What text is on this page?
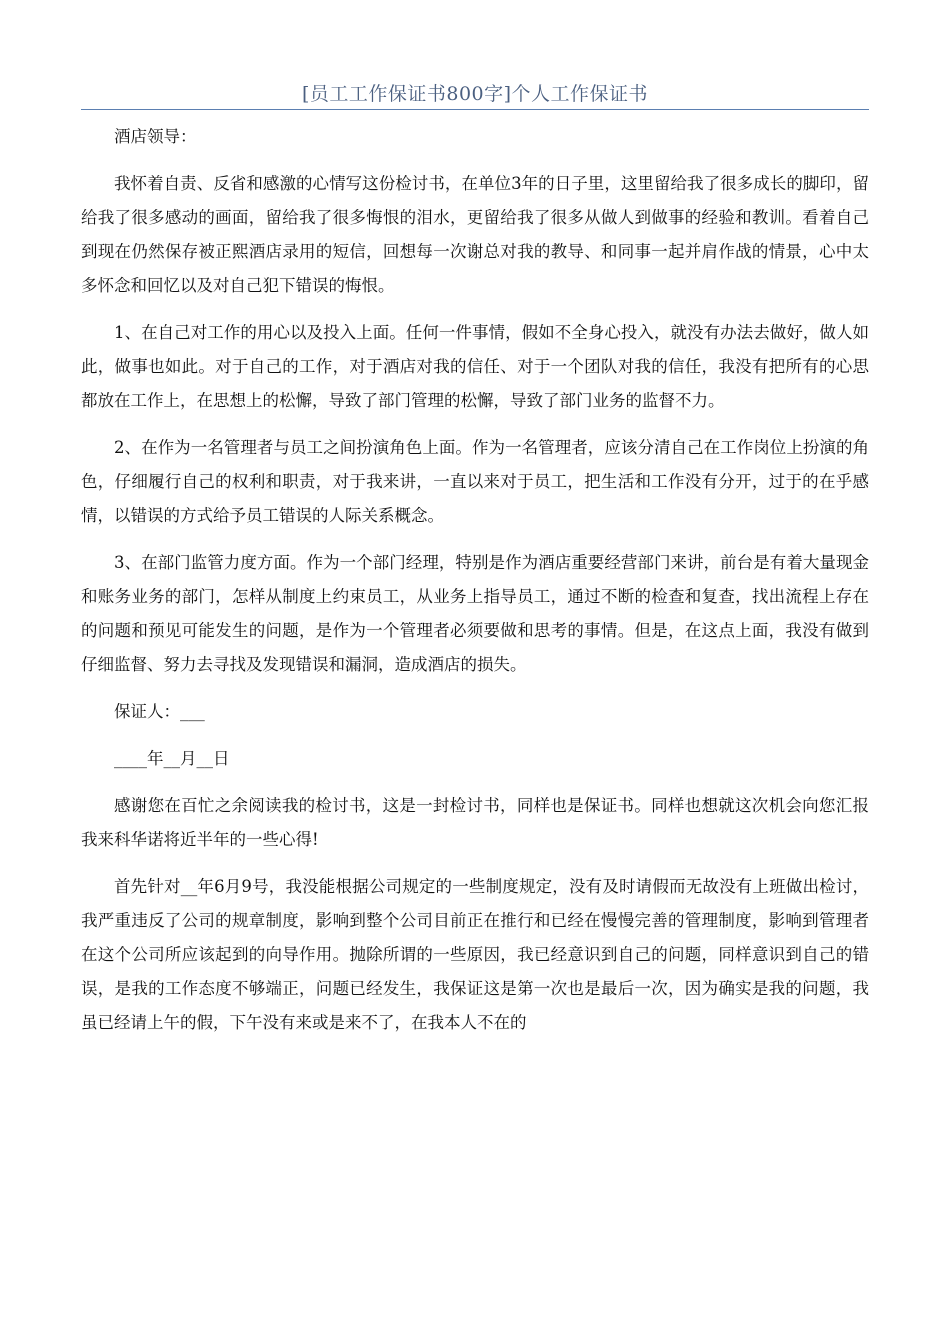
[员工工作保证书800字]个人工作保证书

酒店领导：

我怀着自责、反省和感激的心情写这份检讨书，在单位3年的日子里，这里留给我了很多成长的脚印，留给我了很多感动的画面，留给我了很多悔恨的泪水，更留给我了很多从做人到做事的经验和教训。看着自己到现在仍然保存被正熙酒店录用的短信，回想每一次谢总对我的教导、和同事一起并肩作战的情景，心中太多怀念和回忆以及对自己犯下错误的悔恨。

1、在自己对工作的用心以及投入上面。任何一件事情，假如不全身心投入，就没有办法去做好，做人如此，做事也如此。对于自己的工作，对于酒店对我的信任、对于一个团队对我的信任，我没有把所有的心思都放在工作上，在思想上的松懈，导致了部门管理的松懈，导致了部门业务的监督不力。

2、在作为一名管理者与员工之间扮演角色上面。作为一名管理者，应该分清自己在工作岗位上扮演的角色，仔细履行自己的权利和职责，对于我来讲，一直以来对于员工，把生活和工作没有分开，过于的在乎感情，以错误的方式给予员工错误的人际关系概念。

3、在部门监管力度方面。作为一个部门经理，特别是作为酒店重要经营部门来讲，前台是有着大量现金和账务业务的部门，怎样从制度上约束员工，从业务上指导员工，通过不断的检查和复查，找出流程上存在的问题和预见可能发生的问题，是作为一个管理者必须要做和思考的事情。但是，在这点上面，我没有做到仔细监督、努力去寻找及发现错误和漏洞，造成酒店的损失。

保证人：___

____年__月__日

感谢您在百忙之余阅读我的检讨书，这是一封检讨书，同样也是保证书。同样也想就这次机会向您汇报我来科华诺将近半年的一些心得!

首先针对__年6月9号，我没能根据公司规定的一些制度规定，没有及时请假而无故没有上班做出检讨，我严重违反了公司的规章制度，影响到整个公司目前正在推行和已经在慢慢完善的管理制度，影响到管理者在这个公司所应该起到的向导作用。抛除所谓的一些原因，我已经意识到自己的问题，同样意识到自己的错误，是我的工作态度不够端正，问题已经发生，我保证这是第一次也是最后一次，因为确实是我的问题，我虽已经请上午的假，下午没有来或是来不了，在我本人不在的
